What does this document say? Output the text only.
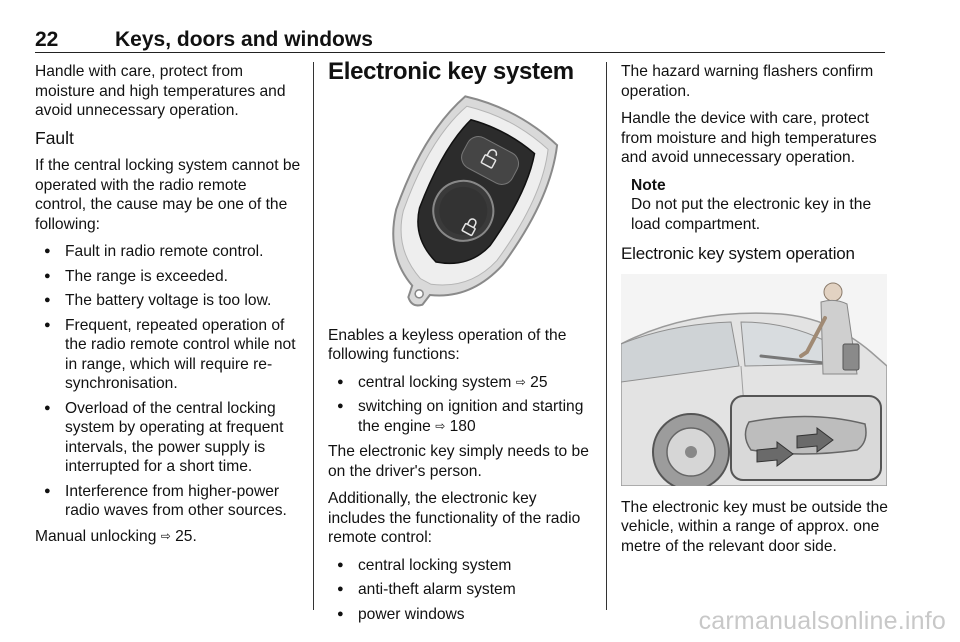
22	Keys, doors and windows

Handle with care, protect from moisture and high temperatures and avoid unnecessary operation.

Fault

If the central locking system cannot be operated with the radio remote control, the cause may be one of the following:

● Fault in radio remote control.
● The range is exceeded.
● The battery voltage is too low.
● Frequent, repeated operation of the radio remote control while not in range, which will require re-synchronisation.
● Overload of the central locking system by operating at frequent intervals, the power supply is interrupted for a short time.
● Interference from higher-power radio waves from other sources.

Manual unlocking ⇨ 25.

Electronic key system

Enables a keyless operation of the following functions:

● central locking system ⇨ 25
● switching on ignition and starting the engine ⇨ 180

The electronic key simply needs to be on the driver's person.

Additionally, the electronic key includes the functionality of the radio remote control:

● central locking system
● anti-theft alarm system
● power windows

The hazard warning flashers confirm operation.

Handle the device with care, protect from moisture and high temperatures and avoid unnecessary operation.

Note
Do not put the electronic key in the load compartment.
Electronic key system operation

The electronic key must be outside the vehicle, within a range of approx. one metre of the relevant door side.

carmanualsonline.info
